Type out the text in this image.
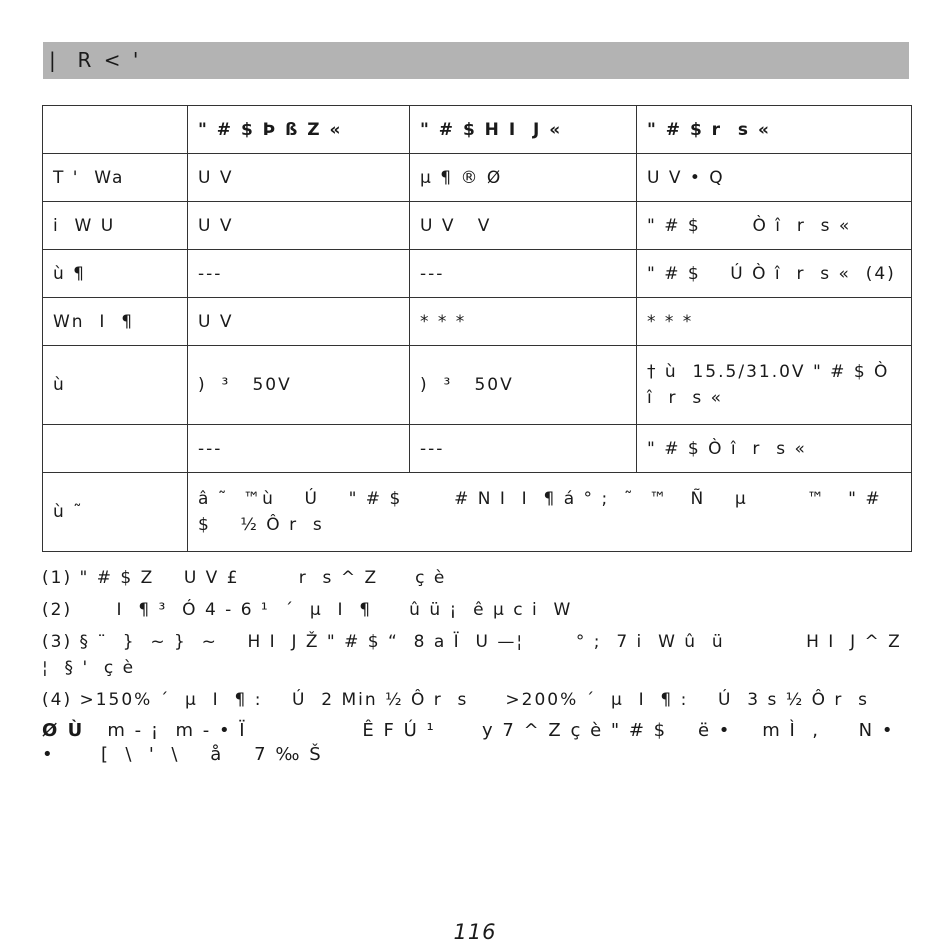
|  R < '
	" # $ Þ ß Z «	" # $ H I  J «	" # $ r  s «
T '  Wa	U V	µ ¶ ® Ø	U V • Q
i  W U	U V	U V   V	" # $       Ò î  r  s «
ù ¶	---	---	" # $    Ú Ò î  r  s «  (4)
Wn  I  ¶	U V	* * *	* * *
ù	)  ³   50V	)  ³   50V	† ù  15.5/31.0V " # $ Ò î  r  s «
	---	---	" # $ Ò î  r  s «
ù ˜	â ˜  ™ù    Ú    " # $       # N I  I  ¶ á ° ;  ˜  ™   Ñ    µ        ™   " # $    ½ Ô r  s		

(1) " # $ Z    U V £        r  s ^ Z     ç è

(2)      I  ¶ ³  Ó 4 - 6 ¹  ´  µ  I  ¶     û ü ¡  ê µ c i  W

(3) § ¨  }  ~ }  ~    H I  J Ž " # $ “  8 a Ï  U —¦       ° ;  7 i  W û  ü           H I  J ^ Z ¦  § '  ç è

(4) >150% ´  µ  I  ¶ :    Ú  2 Min ½ Ô r  s     >200% ´  µ  I  ¶ :    Ú  3 s ½ Ô r  s

Ø Ù   m - ¡  m - • Ï               Ê F Ú ¹      y 7 ^ Z ç è " # $    ë •    m Ì  ,     N • •      [  \  '  \    å    7 ‰ Š

116
